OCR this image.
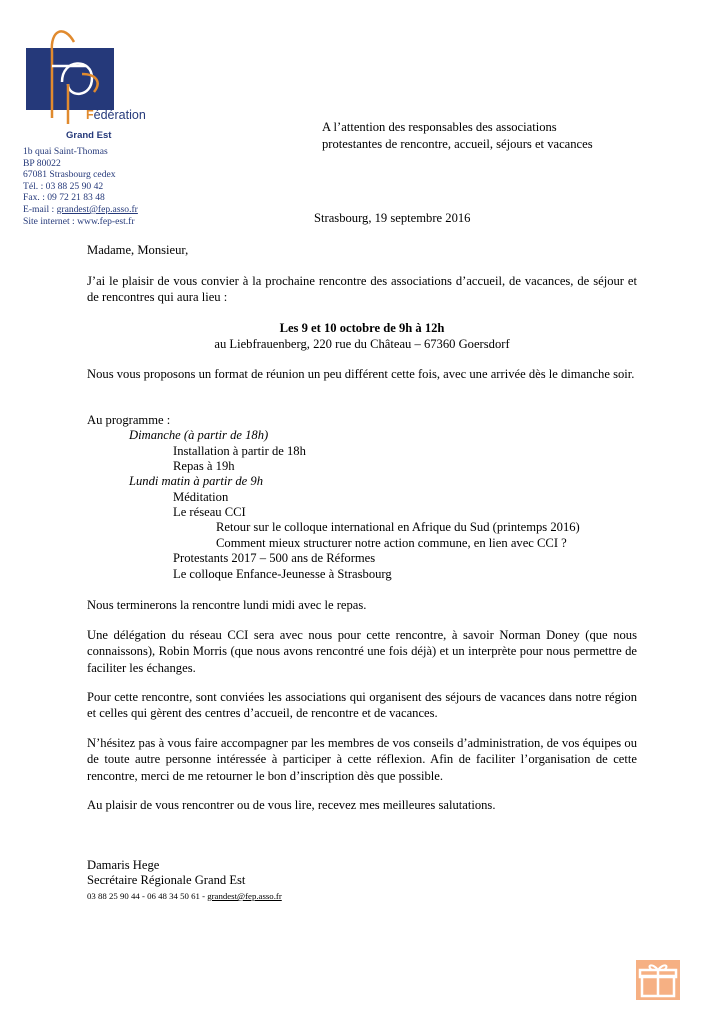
Fédération
Grand Est
1b quai Saint-Thomas
BP 80022
67081 Strasbourg cedex
Tél. : 03 88 25 90 42
Fax. : 09 72 21 83 48
E-mail : grandest@fep.asso.fr
Site internet : www.fep-est.fr
A l’attention des responsables des associations
protestantes de rencontre, accueil, séjours et vacances
Strasbourg, 19 septembre 2016
Madame, Monsieur,
J’ai le plaisir de vous convier à la prochaine rencontre des associations d’accueil, de vacances, de séjour et de rencontres qui aura lieu :
Les 9 et 10 octobre de 9h à 12h
au Liebfrauenberg, 220 rue du Château – 67360 Goersdorf
Nous vous proposons un format de réunion un peu différent cette fois, avec une arrivée dès le dimanche soir.
Au programme :
Dimanche (à partir de 18h)
Installation à partir de 18h
Repas à 19h
Lundi matin à partir de 9h
Méditation
Le réseau CCI
Retour sur le colloque international en Afrique du Sud (printemps 2016)
Comment mieux structurer notre action commune, en lien avec CCI ?
Protestants 2017 – 500 ans de Réformes
Le colloque Enfance-Jeunesse à Strasbourg
Nous terminerons la rencontre lundi midi avec le repas.
Une délégation du réseau CCI sera avec nous pour cette rencontre, à savoir Norman Doney (que nous connaissons), Robin Morris (que nous avons rencontré une fois déjà) et un interprète pour nous permettre de faciliter les échanges.
Pour cette rencontre, sont conviées les associations qui organisent des séjours de vacances dans notre région et celles qui gèrent des centres d’accueil, de rencontre et de vacances.
N’hésitez pas à vous faire accompagner par les membres de vos conseils d’administration, de vos équipes ou de toute autre personne intéressée à participer à cette réflexion. Afin de faciliter l’organisation de cette rencontre, merci de me retourner le bon d’inscription dès que possible.
Au plaisir de vous rencontrer ou de vous lire, recevez mes meilleures salutations.
Damaris Hege
Secrétaire Régionale Grand Est
03 88 25 90 44 - 06 48 34 50 61 - grandest@fep.asso.fr
